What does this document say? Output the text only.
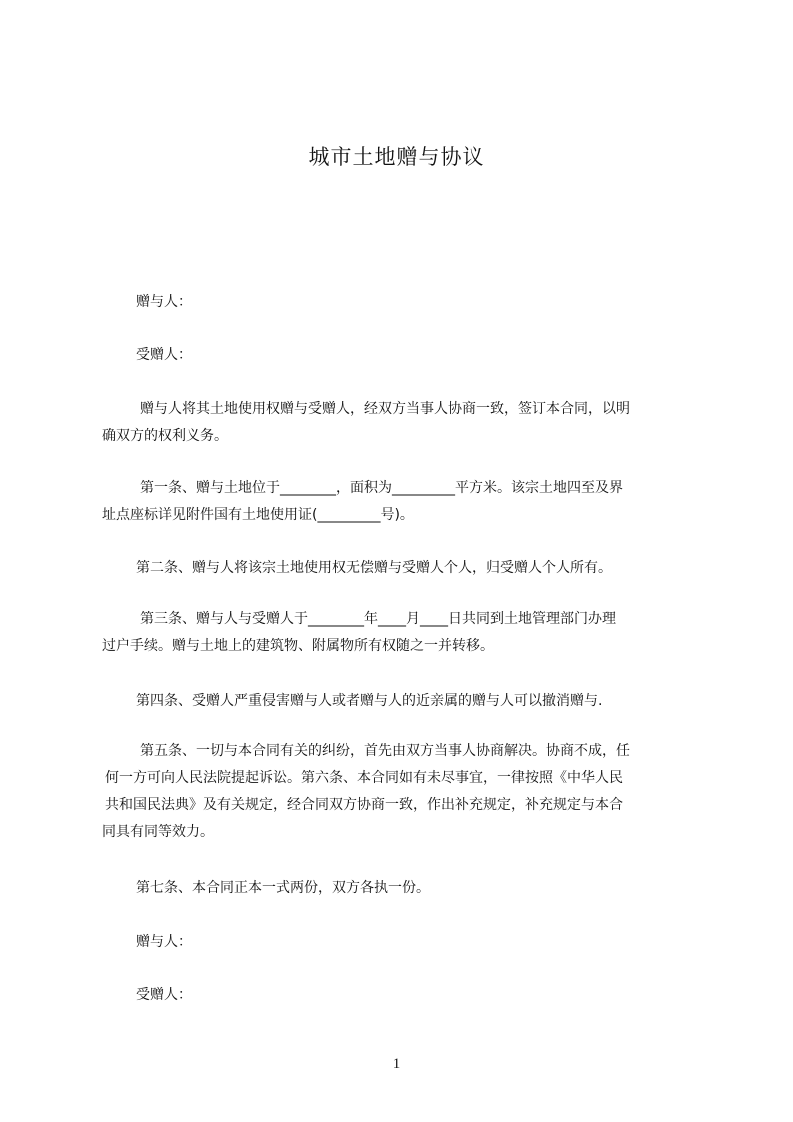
城市土地赠与协议
赠与人：
受赠人：
赠与人将其土地使用权赠与受赠人，经双方当事人协商一致，签订本合同，以明
确双方的权利义务。
第一条、赠与土地位于________，面积为_________平方米。该宗土地四至及界
址点座标详见附件国有土地使用证(_________号)。
第二条、赠与人将该宗土地使用权无偿赠与受赠人个人，归受赠人个人所有。
第三条、赠与人与受赠人于________年____月____日共同到土地管理部门办理
过户手续。赠与土地上的建筑物、附属物所有权随之一并转移。
第四条、受赠人严重侵害赠与人或者赠与人的近亲属的赠与人可以撤消赠与.
第五条、一切与本合同有关的纠纷，首先由双方当事人协商解决。协商不成，任
何一方可向人民法院提起诉讼。第六条、本合同如有未尽事宜，一律按照《中华人民
共和国民法典》及有关规定，经合同双方协商一致，作出补充规定，补充规定与本合
同具有同等效力。
第七条、本合同正本一式两份，双方各执一份。
赠与人：
受赠人：
1
